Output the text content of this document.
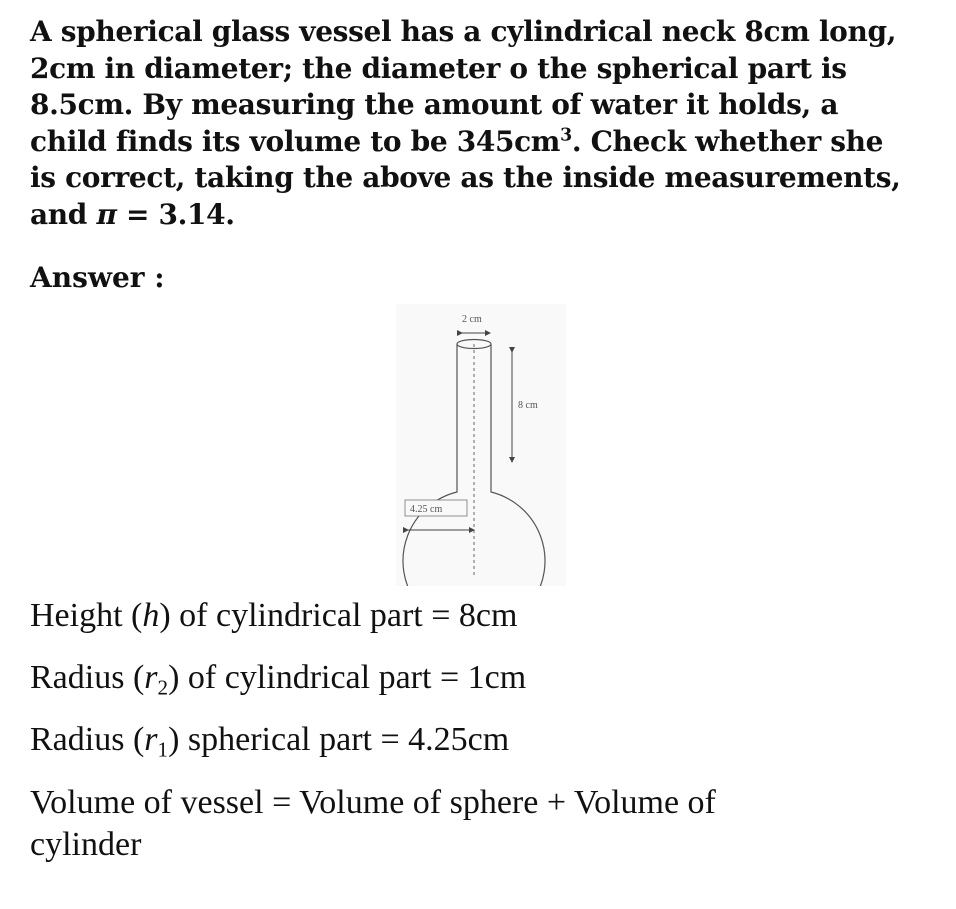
A spherical glass vessel has a cylindrical neck 8cm long,
2cm in diameter; the diameter o the spherical part is
8.5cm. By measuring the amount of water it holds, a
child finds its volume to be $345cm^3$. Check whether she
is correct, taking the above as the inside measurements,
and π = 3.14.
Answer :
2 cm
8 cm
4.25 cm
Height (h) of cylindrical part = 8cm
Radius $(r_2)$ of cylindrical part = 1cm
Radius $(r_1)$ spherical part = 4.25cm
Volume of vessel = Volume of sphere + Volume of
cylinder
